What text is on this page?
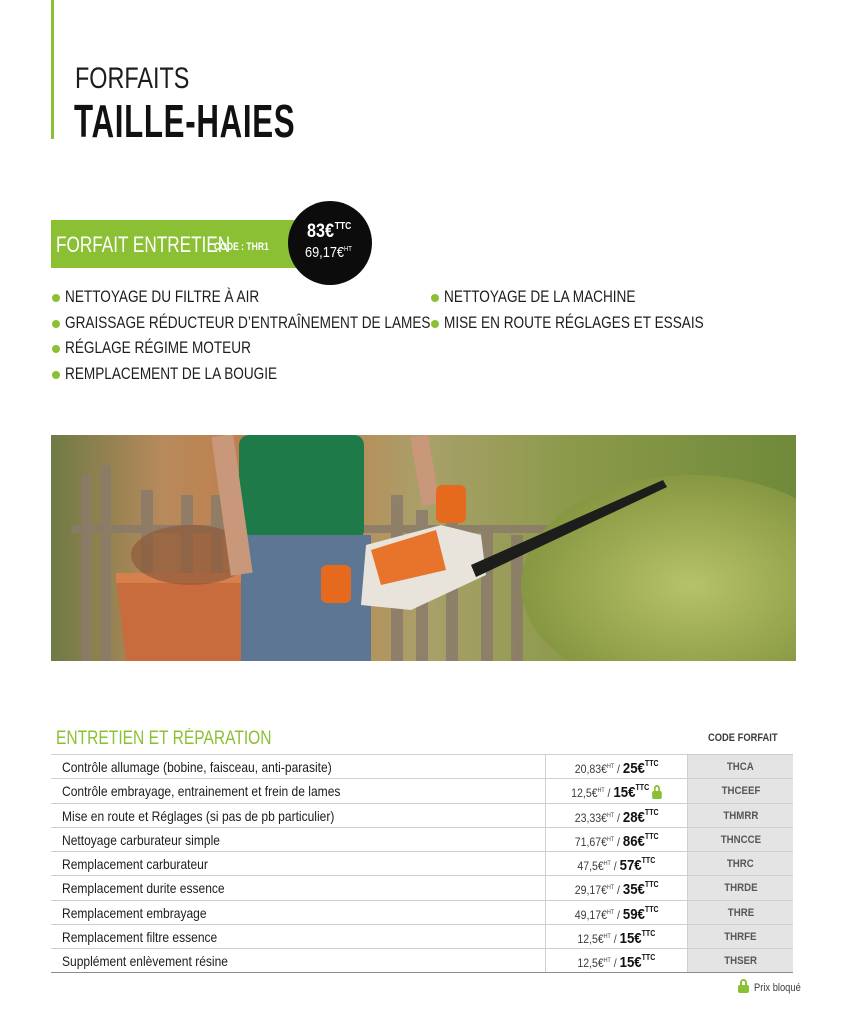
FORFAITS
TAILLE-HAIES
FORFAIT ENTRETIEN
CODE : THR1
83€$^{TTC}$
69,17€$^{HT}$
NETTOYAGE DU FILTRE À AIR
GRAISSAGE RÉDUCTEUR D’ENTRAÎNEMENT DE LAMES
RÉGLAGE RÉGIME MOTEUR
REMPLACEMENT DE LA BOUGIE
NETTOYAGE DE LA MACHINE
MISE EN ROUTE RÉGLAGES ET ESSAIS
ENTRETIEN ET RÉPARATION	CODE FORFAIT
Contrôle allumage (bobine, faisceau, anti-parasite)	20,83€$^{HT}$ / 25€$^{TTC}$	THCA
Contrôle embrayage, entrainement et frein de lames	12,5€$^{HT}$ / 15€$^{TTC}$	THCEEF
Mise en route et Réglages (si pas de pb particulier)	23,33€$^{HT}$ / 28€$^{TTC}$	THMRR
Nettoyage carburateur simple	71,67€$^{HT}$ / 86€$^{TTC}$	THNCCE
Remplacement carburateur	47,5€$^{HT}$ / 57€$^{TTC}$	THRC
Remplacement durite essence	29,17€$^{HT}$ / 35€$^{TTC}$	THRDE
Remplacement embrayage	49,17€$^{HT}$ / 59€$^{TTC}$	THRE
Remplacement filtre essence	12,5€$^{HT}$ / 15€$^{TTC}$	THRFE
Supplément enlèvement résine	12,5€$^{HT}$ / 15€$^{TTC}$	THSER
Prix bloqué
